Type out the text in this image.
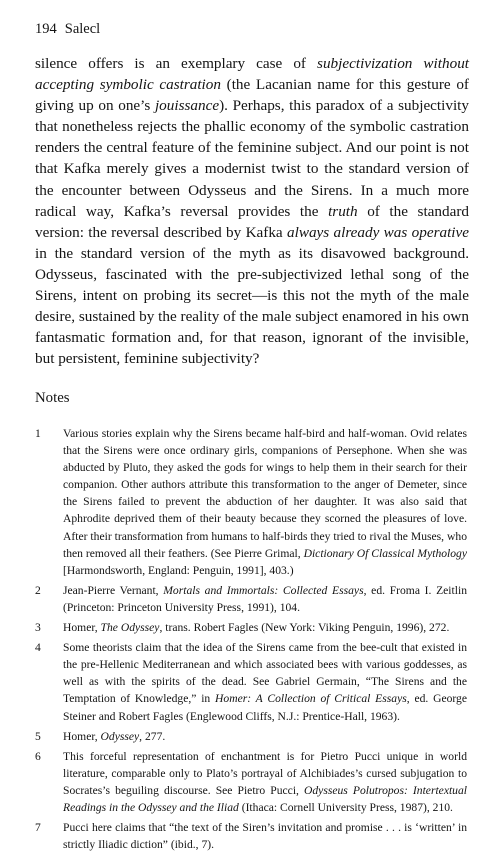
194 Salecl

silence offers is an exemplary case of subjectivization without accepting symbolic castration (the Lacanian name for this gesture of giving up on one’s jouissance). Perhaps, this paradox of a subjectivity that nonetheless rejects the phallic economy of the symbolic castration renders the central feature of the feminine subject. And our point is not that Kafka merely gives a modernist twist to the standard version of the encounter between Odysseus and the Sirens. In a much more radical way, Kafka’s reversal provides the truth of the standard version: the reversal described by Kafka always already was operative in the standard version of the myth as its disavowed background. Odysseus, fascinated with the pre-subjectivized lethal song of the Sirens, intent on probing its secret—is this not the myth of the male desire, sustained by the reality of the male subject enamored in his own fantasmatic formation and, for that reason, ignorant of the invisible, but persistent, feminine subjectivity?

Notes
1	Various stories explain why the Sirens became half-bird and half-woman. Ovid relates that the Sirens were once ordinary girls, companions of Persephone. When she was abducted by Pluto, they asked the gods for wings to help them in their search for their companion. Other authors attribute this transformation to the anger of Demeter, since the Sirens failed to prevent the abduction of her daughter. It was also said that Aphrodite deprived them of their beauty because they scorned the pleasures of love. After their transformation from humans to half-birds they tried to rival the Muses, who then removed all their feathers. (See Pierre Grimal, Dictionary Of Classical Mythology [Harmondsworth, England: Penguin, 1991], 403.)
2	Jean-Pierre Vernant, Mortals and Immortals: Collected Essays, ed. Froma I. Zeitlin (Princeton: Princeton University Press, 1991), 104.
3	Homer, The Odyssey, trans. Robert Fagles (New York: Viking Penguin, 1996), 272.
4	Some theorists claim that the idea of the Sirens came from the bee-cult that existed in the pre-Hellenic Mediterranean and which associated bees with various goddesses, as well as with the spirits of the dead. See Gabriel Germain, “The Sirens and the Temptation of Knowledge,” in Homer: A Collection of Critical Essays, ed. George Steiner and Robert Fagles (Englewood Cliffs, N.J.: Prentice-Hall, 1963).
5	Homer, Odyssey, 277.
6	This forceful representation of enchantment is for Pietro Pucci unique in world literature, comparable only to Plato’s portrayal of Alchibiades’s cursed subjugation to Socrates’s beguiling discourse. See Pietro Pucci, Odysseus Polutropos: Intertextual Readings in the Odyssey and the Iliad (Ithaca: Cornell University Press, 1987), 210.
7	Pucci here claims that “the text of the Siren’s invitation and promise . . . is ‘written’ in strictly Iliadic diction” (ibid., 7).
